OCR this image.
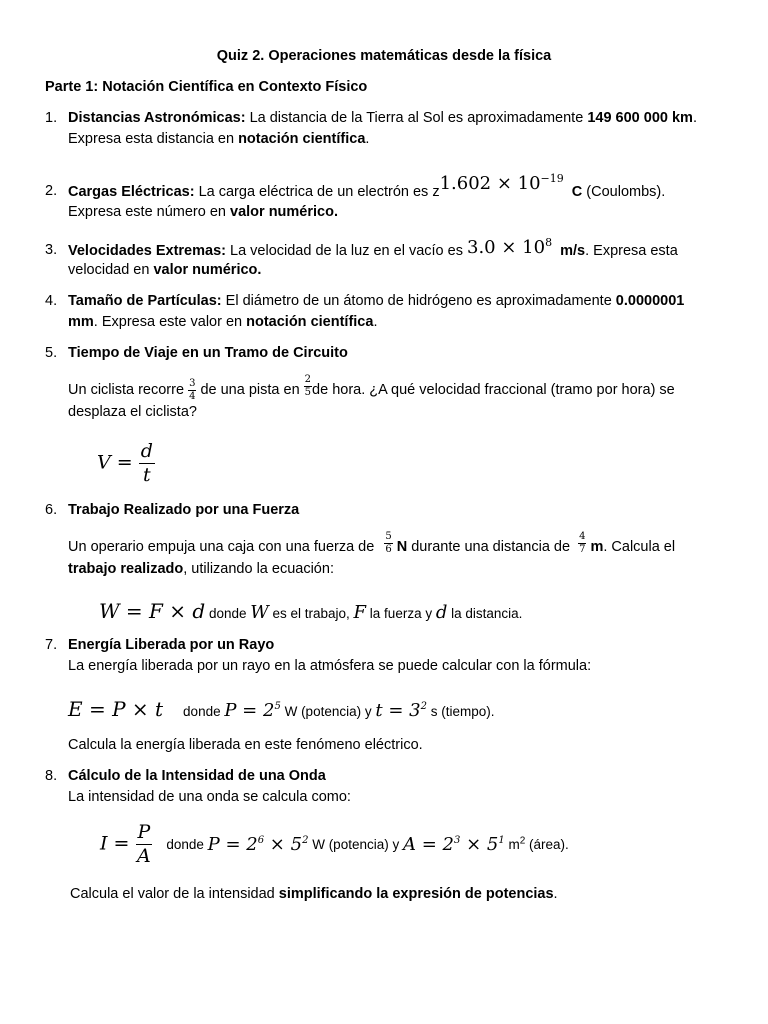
Quiz 2. Operaciones matemáticas desde la física
Parte 1: Notación Científica en Contexto Físico
1. Distancias Astronómicas: La distancia de la Tierra al Sol es aproximadamente 149 600 000 km.
Expresa esta distancia en notación científica.
2. Cargas Eléctricas: La carga eléctrica de un electrón es $z1.602 \times 10^{-19}$ C (Coulombs).
Expresa este número en valor numérico.
3. Velocidades Extremas: La velocidad de la luz en el vacío es $3.0 \times 10^8$ m/s. Expresa esta
velocidad en valor numérico.
4. Tamaño de Partículas: El diámetro de un átomo de hidrógeno es aproximadamente 0.0000001
mm. Expresa este valor en notación científica.
5. Tiempo de Viaje en un Tramo de Circuito
Un ciclista recorre $\frac{3}{4}$ de una pista en $\frac{2}{5}$ de hora. ¿A qué velocidad fraccional (tramo por hora) se
desplaza el ciclista?
$V = \frac{d}{t}$
6. Trabajo Realizado por una Fuerza
Un operario empuja una caja con una fuerza de $\frac{5}{6}$ N durante una distancia de $\frac{4}{7} m$. Calcula el
trabajo realizado, utilizando la ecuación:
W = F × d donde W es el trabajo, F la fuerza y d la distancia.
7. Energía Liberada por un Rayo
La energía liberada por un rayo en la atmósfera se puede calcular con la fórmula:
E = P × t donde $P = 2^5$ W (potencia) y $t = 3^2$ s (tiempo).
Calcula la energía liberada en este fenómeno eléctrico.
8. Cálculo de la Intensidad de una Onda
La intensidad de una onda se calcula como:
$I = \frac{P}{A}$ donde $P = 2^6 \times 5^2$ W (potencia) y $A = 2^3 \times 5^1$ $m^2$ (área).
Calcula el valor de la intensidad simplificando la expresión de potencias.
